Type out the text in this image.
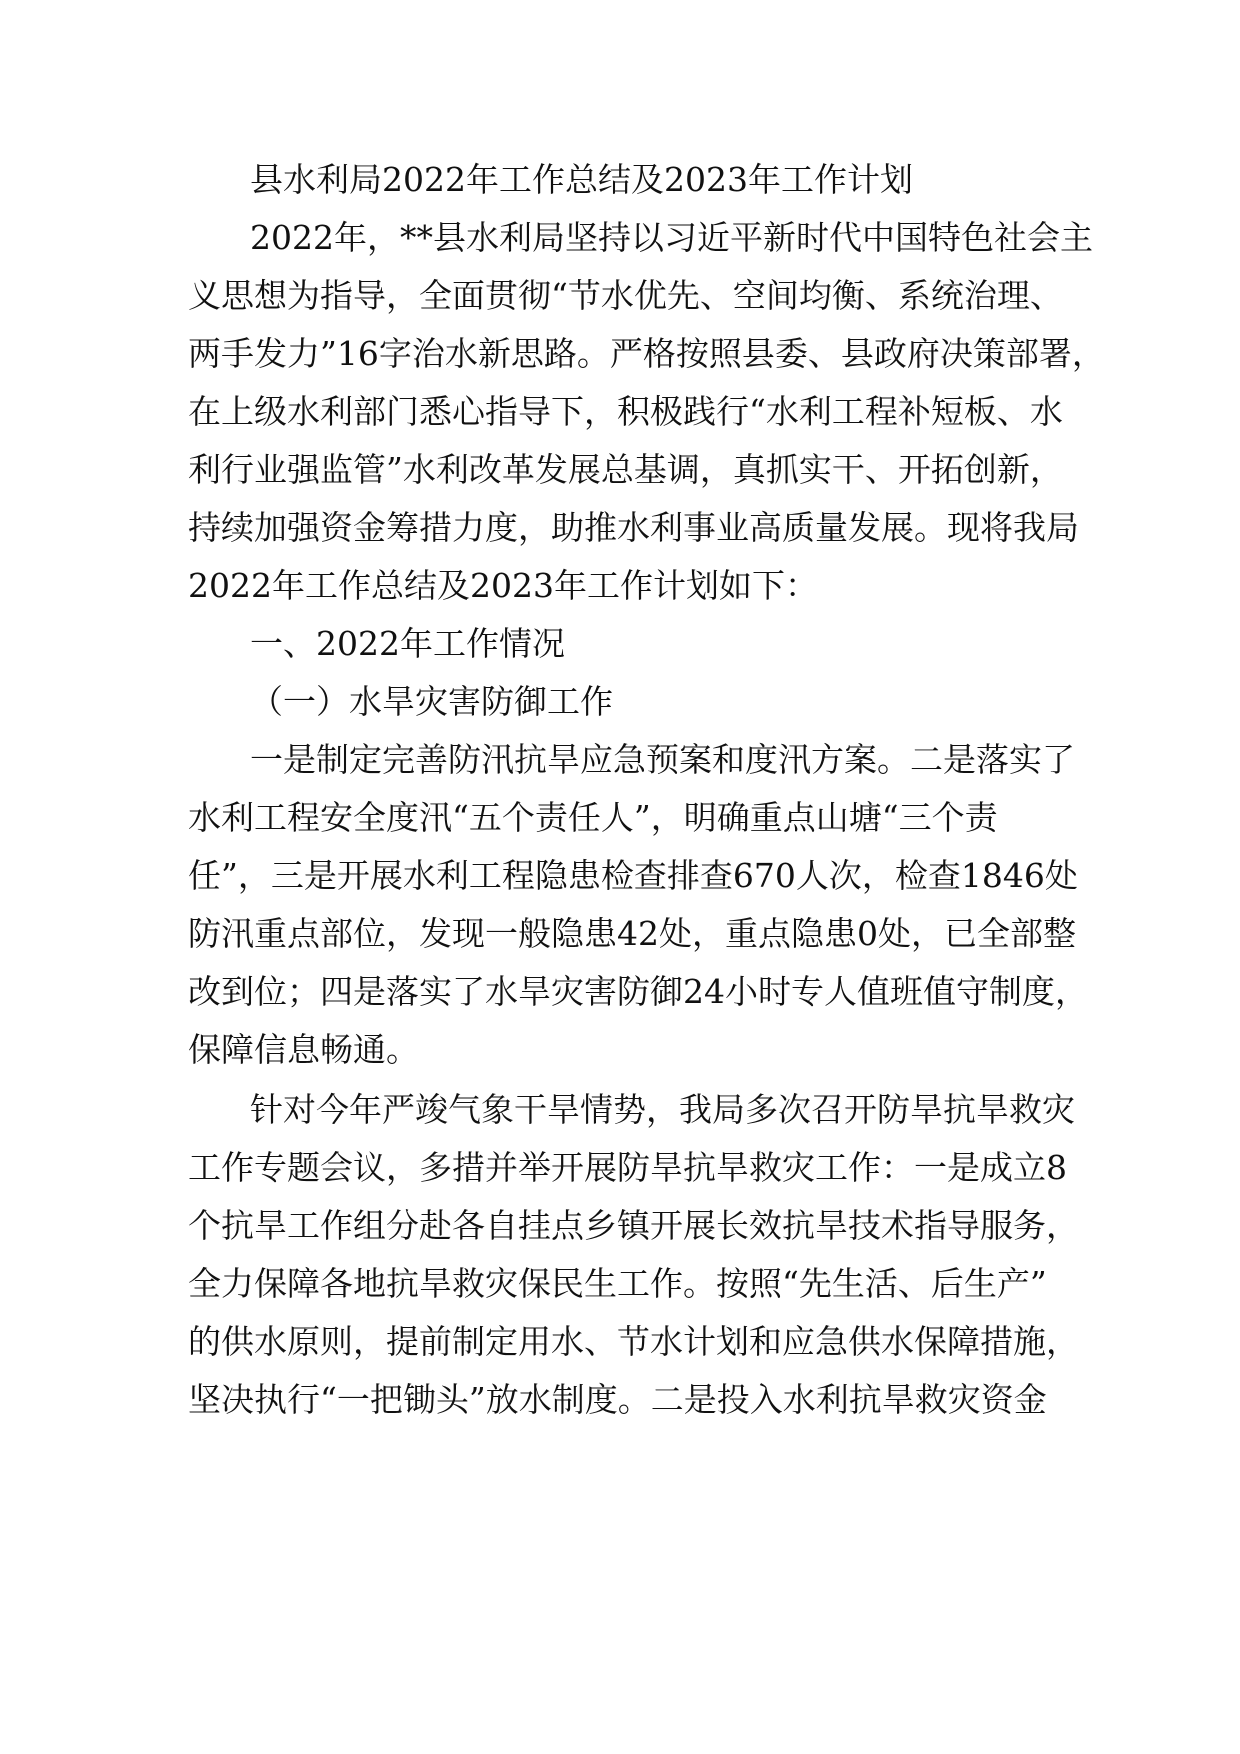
县水利局2022年工作总结及2023年工作计划

2022年，**县水利局坚持以习近平新时代中国特色社会主

义思想为指导，全面贯彻“节水优先、空间均衡、系统治理、

两手发力”16字治水新思路。严格按照县委、县政府决策部署，

在上级水利部门悉心指导下，积极践行“水利工程补短板、水

利行业强监管”水利改革发展总基调，真抓实干、开拓创新，

持续加强资金筹措力度，助推水利事业高质量发展。现将我局

2022年工作总结及2023年工作计划如下：

一、2022年工作情况

（一）水旱灾害防御工作

一是制定完善防汛抗旱应急预案和度汛方案。二是落实了

水利工程安全度汛“五个责任人”，明确重点山塘“三个责

任”，三是开展水利工程隐患检查排查670人次，检查1846处

防汛重点部位，发现一般隐患42处，重点隐患0处，已全部整

改到位；四是落实了水旱灾害防御24小时专人值班值守制度，

保障信息畅通。

针对今年严竣气象干旱情势，我局多次召开防旱抗旱救灾

工作专题会议，多措并举开展防旱抗旱救灾工作：一是成立8

个抗旱工作组分赴各自挂点乡镇开展长效抗旱技术指导服务，

全力保障各地抗旱救灾保民生工作。按照“先生活、后生产”

的供水原则，提前制定用水、节水计划和应急供水保障措施，

坚决执行“一把锄头”放水制度。二是投入水利抗旱救灾资金
